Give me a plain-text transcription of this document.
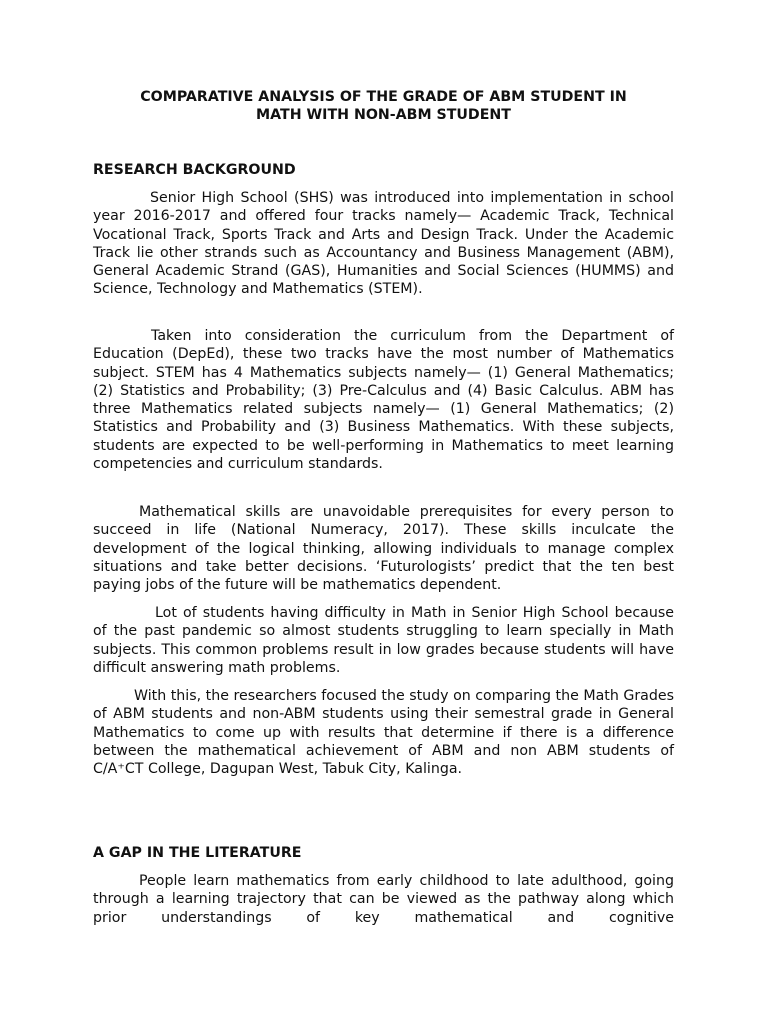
COMPARATIVE ANALYSIS OF THE GRADE OF ABM STUDENT IN
MATH WITH NON-ABM STUDENT
RESEARCH BACKGROUND

Senior High School (SHS) was introduced into implementation in school year 2016-2017 and offered four tracks namely— Academic Track, Technical Vocational Track, Sports Track and Arts and Design Track. Under the Academic Track lie other strands such as Accountancy and Business Management (ABM), General Academic Strand (GAS), Humanities and Social Sciences (HUMMS) and Science, Technology and Mathematics (STEM).

Taken into consideration the curriculum from the Department of Education (DepEd), these two tracks have the most number of Mathematics subject. STEM has 4 Mathematics subjects namely— (1) General Mathematics; (2) Statistics and Probability; (3) Pre-Calculus and (4) Basic Calculus. ABM has three Mathematics related subjects namely— (1) General Mathematics; (2) Statistics and Probability and (3) Business Mathematics. With these subjects, students are expected to be well-performing in Mathematics to meet learning competencies and curriculum standards.

Mathematical skills are unavoidable prerequisites for every person to succeed in life (National Numeracy, 2017). These skills inculcate the development of the logical thinking, allowing individuals to manage complex situations and take better decisions. ‘Futurologists’ predict that the ten best paying jobs of the future will be mathematics dependent.

Lot of students having difficulty in Math in Senior High School because of the past pandemic so almost students struggling to learn specially in Math subjects. This common problems result in low grades because students will have difficult answering math problems.

With this, the researchers focused the study on comparing the Math Grades of ABM students and non-ABM students using their semestral grade in General Mathematics to come up with results that determine if there is a difference between the mathematical achievement of ABM and non ABM students of C/A⁺CT College, Dagupan West, Tabuk City, Kalinga.

A GAP IN THE LITERATURE

People learn mathematics from early childhood to late adulthood, going through a learning trajectory that can be viewed as the pathway along which prior understandings of key mathematical and cognitive
